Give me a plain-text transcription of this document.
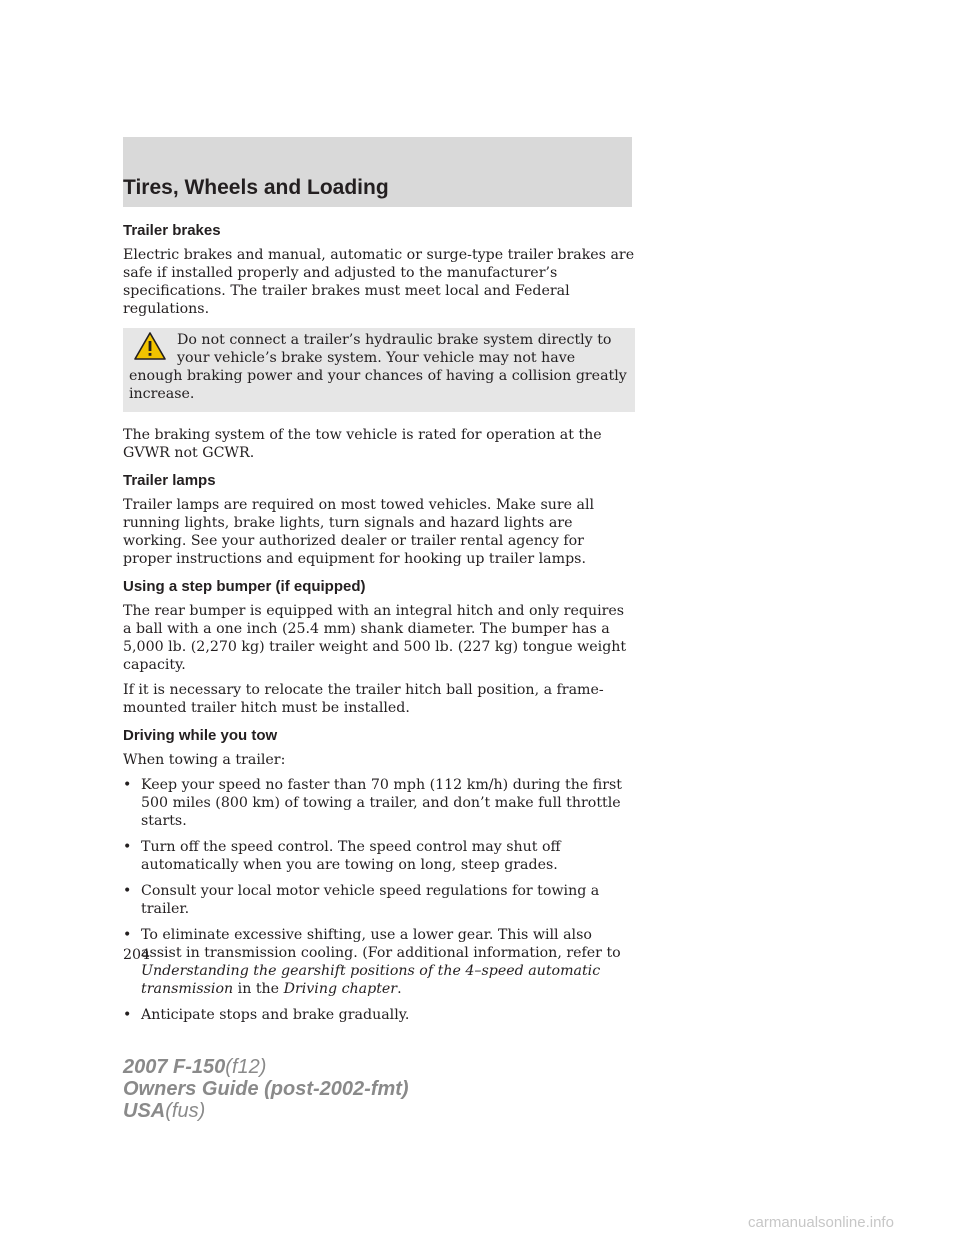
Tires, Wheels and Loading
Trailer brakes

Electric brakes and manual, automatic or surge-type trailer brakes are safe if installed properly and adjusted to the manufacturer’s specifications. The trailer brakes must meet local and Federal regulations.

Do not connect a trailer’s hydraulic brake system directly to your vehicle’s brake system. Your vehicle may not have enough braking power and your chances of having a collision greatly increase.

The braking system of the tow vehicle is rated for operation at the GVWR not GCWR.

Trailer lamps

Trailer lamps are required on most towed vehicles. Make sure all running lights, brake lights, turn signals and hazard lights are working. See your authorized dealer or trailer rental agency for proper instructions and equipment for hooking up trailer lamps.

Using a step bumper (if equipped)

The rear bumper is equipped with an integral hitch and only requires a ball with a one inch (25.4 mm) shank diameter. The bumper has a 5,000 lb. (2,270 kg) trailer weight and 500 lb. (227 kg) tongue weight capacity.

If it is necessary to relocate the trailer hitch ball position, a frame-mounted trailer hitch must be installed.

Driving while you tow

When towing a trailer:

• Keep your speed no faster than 70 mph (112 km/h) during the first 500 miles (800 km) of towing a trailer, and don’t make full throttle starts.
• Turn off the speed control. The speed control may shut off automatically when you are towing on long, steep grades.
• Consult your local motor vehicle speed regulations for towing a trailer.
• To eliminate excessive shifting, use a lower gear. This will also assist in transmission cooling. (For additional information, refer to Understanding the gearshift positions of the 4–speed automatic transmission in the Driving chapter.
• Anticipate stops and brake gradually.
204
2007 F-150(f12)
Owners Guide (post-2002-fmt)
USA(fus)
carmanualsonline.info
